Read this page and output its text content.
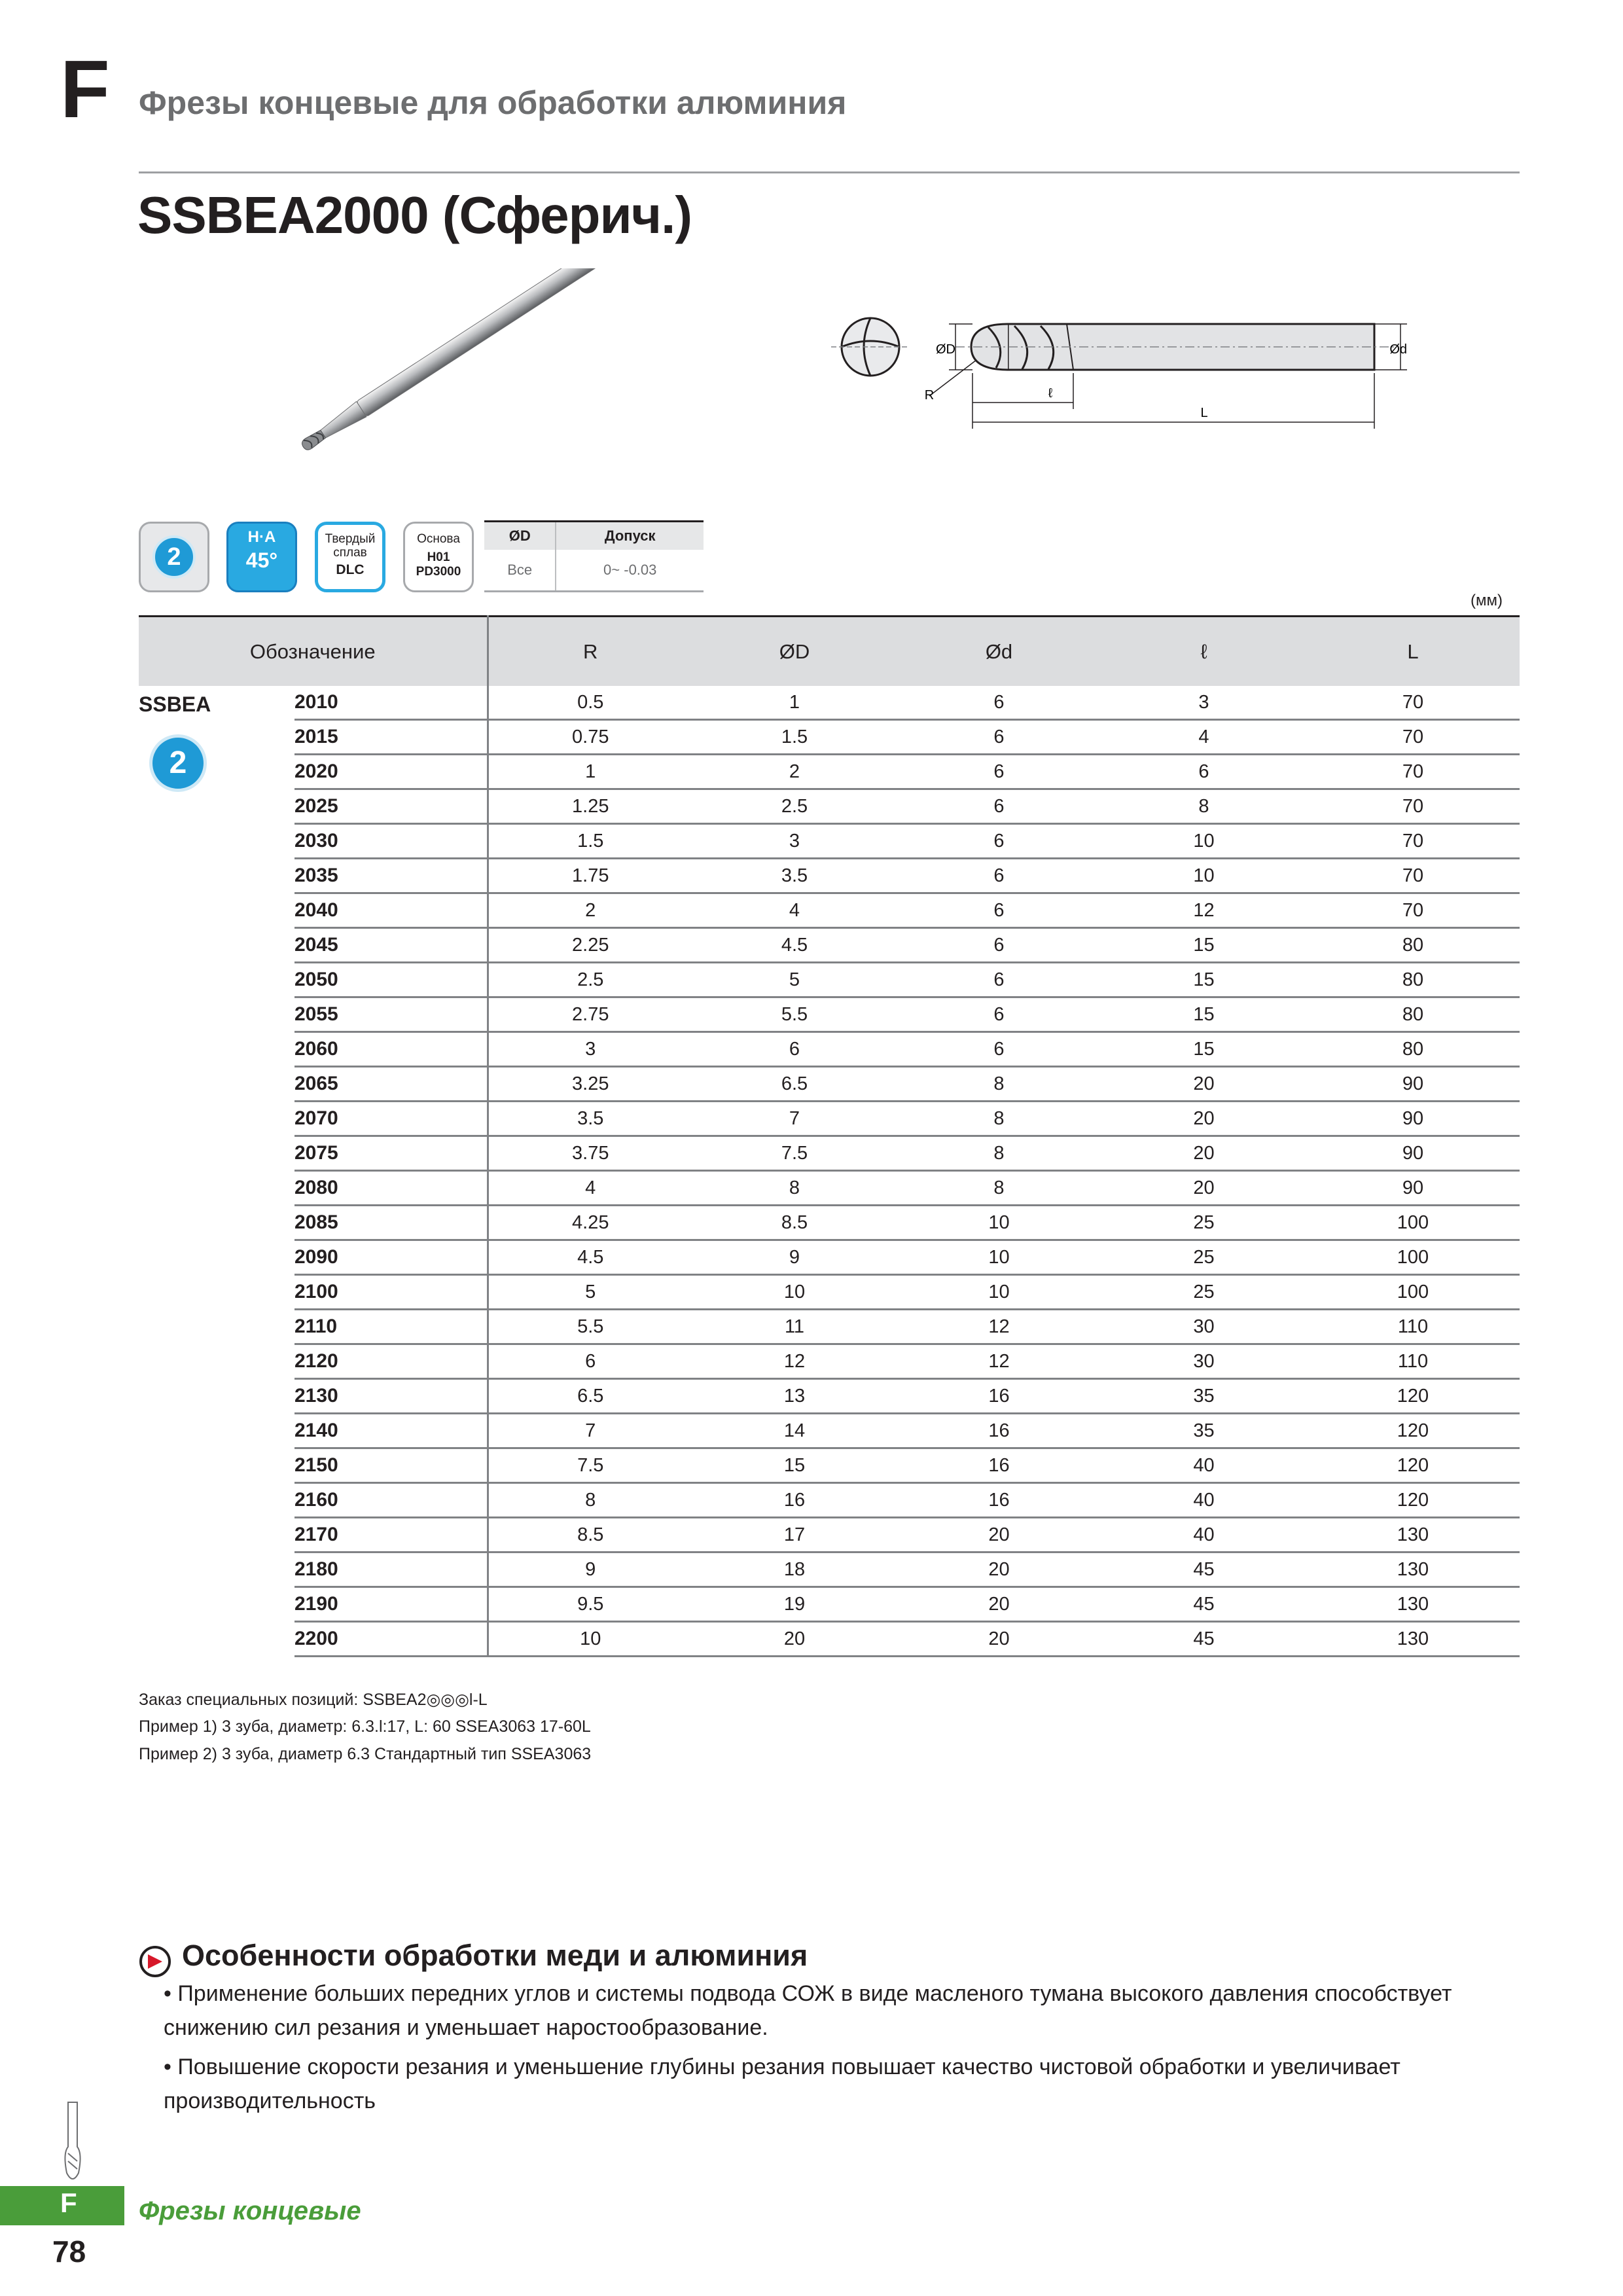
F Фрезы концевые для обработки алюминия
SSBEA2000 (Сферич.)
ØD	Ød
R	ℓ
L
2
H·A
45°
Твердый
сплав
DLC
Основа
H01
PD3000
ØD	Допуск
Все	0~ -0.03
(мм)
Обозначение		R	ØD	Ød	ℓ	L
SSBEA	2010	0.5	1	6	3	70
	2015	0.75	1.5	6	4	70
	2020	1	2	6	6	70
	2025	1.25	2.5	6	8	70
	2030	1.5	3	6	10	70
	2035	1.75	3.5	6	10	70
	2040	2	4	6	12	70
	2045	2.25	4.5	6	15	80
	2050	2.5	5	6	15	80
	2055	2.75	5.5	6	15	80
	2060	3	6	6	15	80
	2065	3.25	6.5	8	20	90
	2070	3.5	7	8	20	90
	2075	3.75	7.5	8	20	90
	2080	4	8	8	20	90
	2085	4.25	8.5	10	25	100
	2090	4.5	9	10	25	100
	2100	5	10	10	25	100
	2110	5.5	11	12	30	110
	2120	6	12	12	30	110
	2130	6.5	13	16	35	120
	2140	7	14	16	35	120
	2150	7.5	15	16	40	120
	2160	8	16	16	40	120
	2170	8.5	17	20	40	130
	2180	9	18	20	45	130
	2190	9.5	19	20	45	130
	2200	10	20	20	45	130
2
Заказ специальных позиций: SSBEA2◎◎◎l-L
Пример 1) 3 зуба, диаметр: 6.3.l:17, L: 60 SSEA3063 17-60L
Пример 2) 3 зуба, диаметр 6.3 Стандартный тип SSEA3063
Особенности обработки меди и алюминия
• Применение больших передних углов и системы подвода СОЖ в виде масленого тумана высокого давления способствует снижению сил резания и уменьшает наростообразование.
• Повышение скорости резания и уменьшение глубины резания повышает качество чистовой обработки и увеличивает производительность
F Фрезы концевые
78
